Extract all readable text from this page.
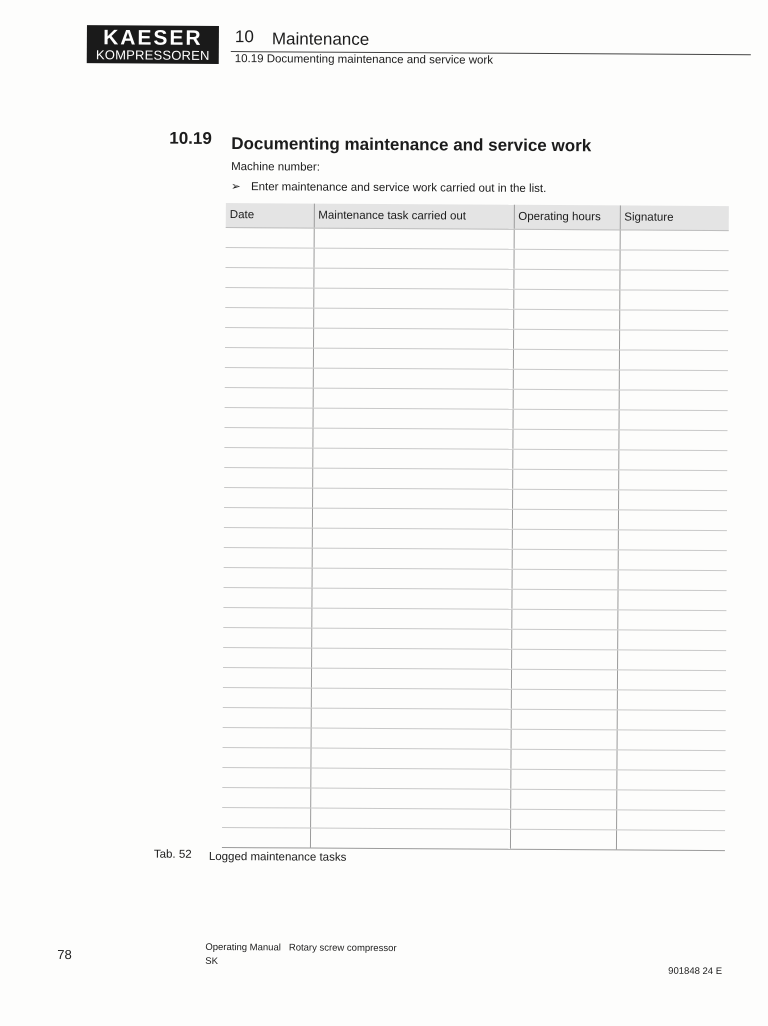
KAESER
KOMPRESSOREN
10 Maintenance
10.19 Documenting maintenance and service work
10.19 Documenting maintenance and service work
Machine number:
➢ Enter maintenance and service work carried out in the list.
Date	Maintenance task carried out	Operating hours	Signature

Tab. 52 Logged maintenance tasks
78	Operating Manual Rotary screw compressor
SK
901848 24 E
